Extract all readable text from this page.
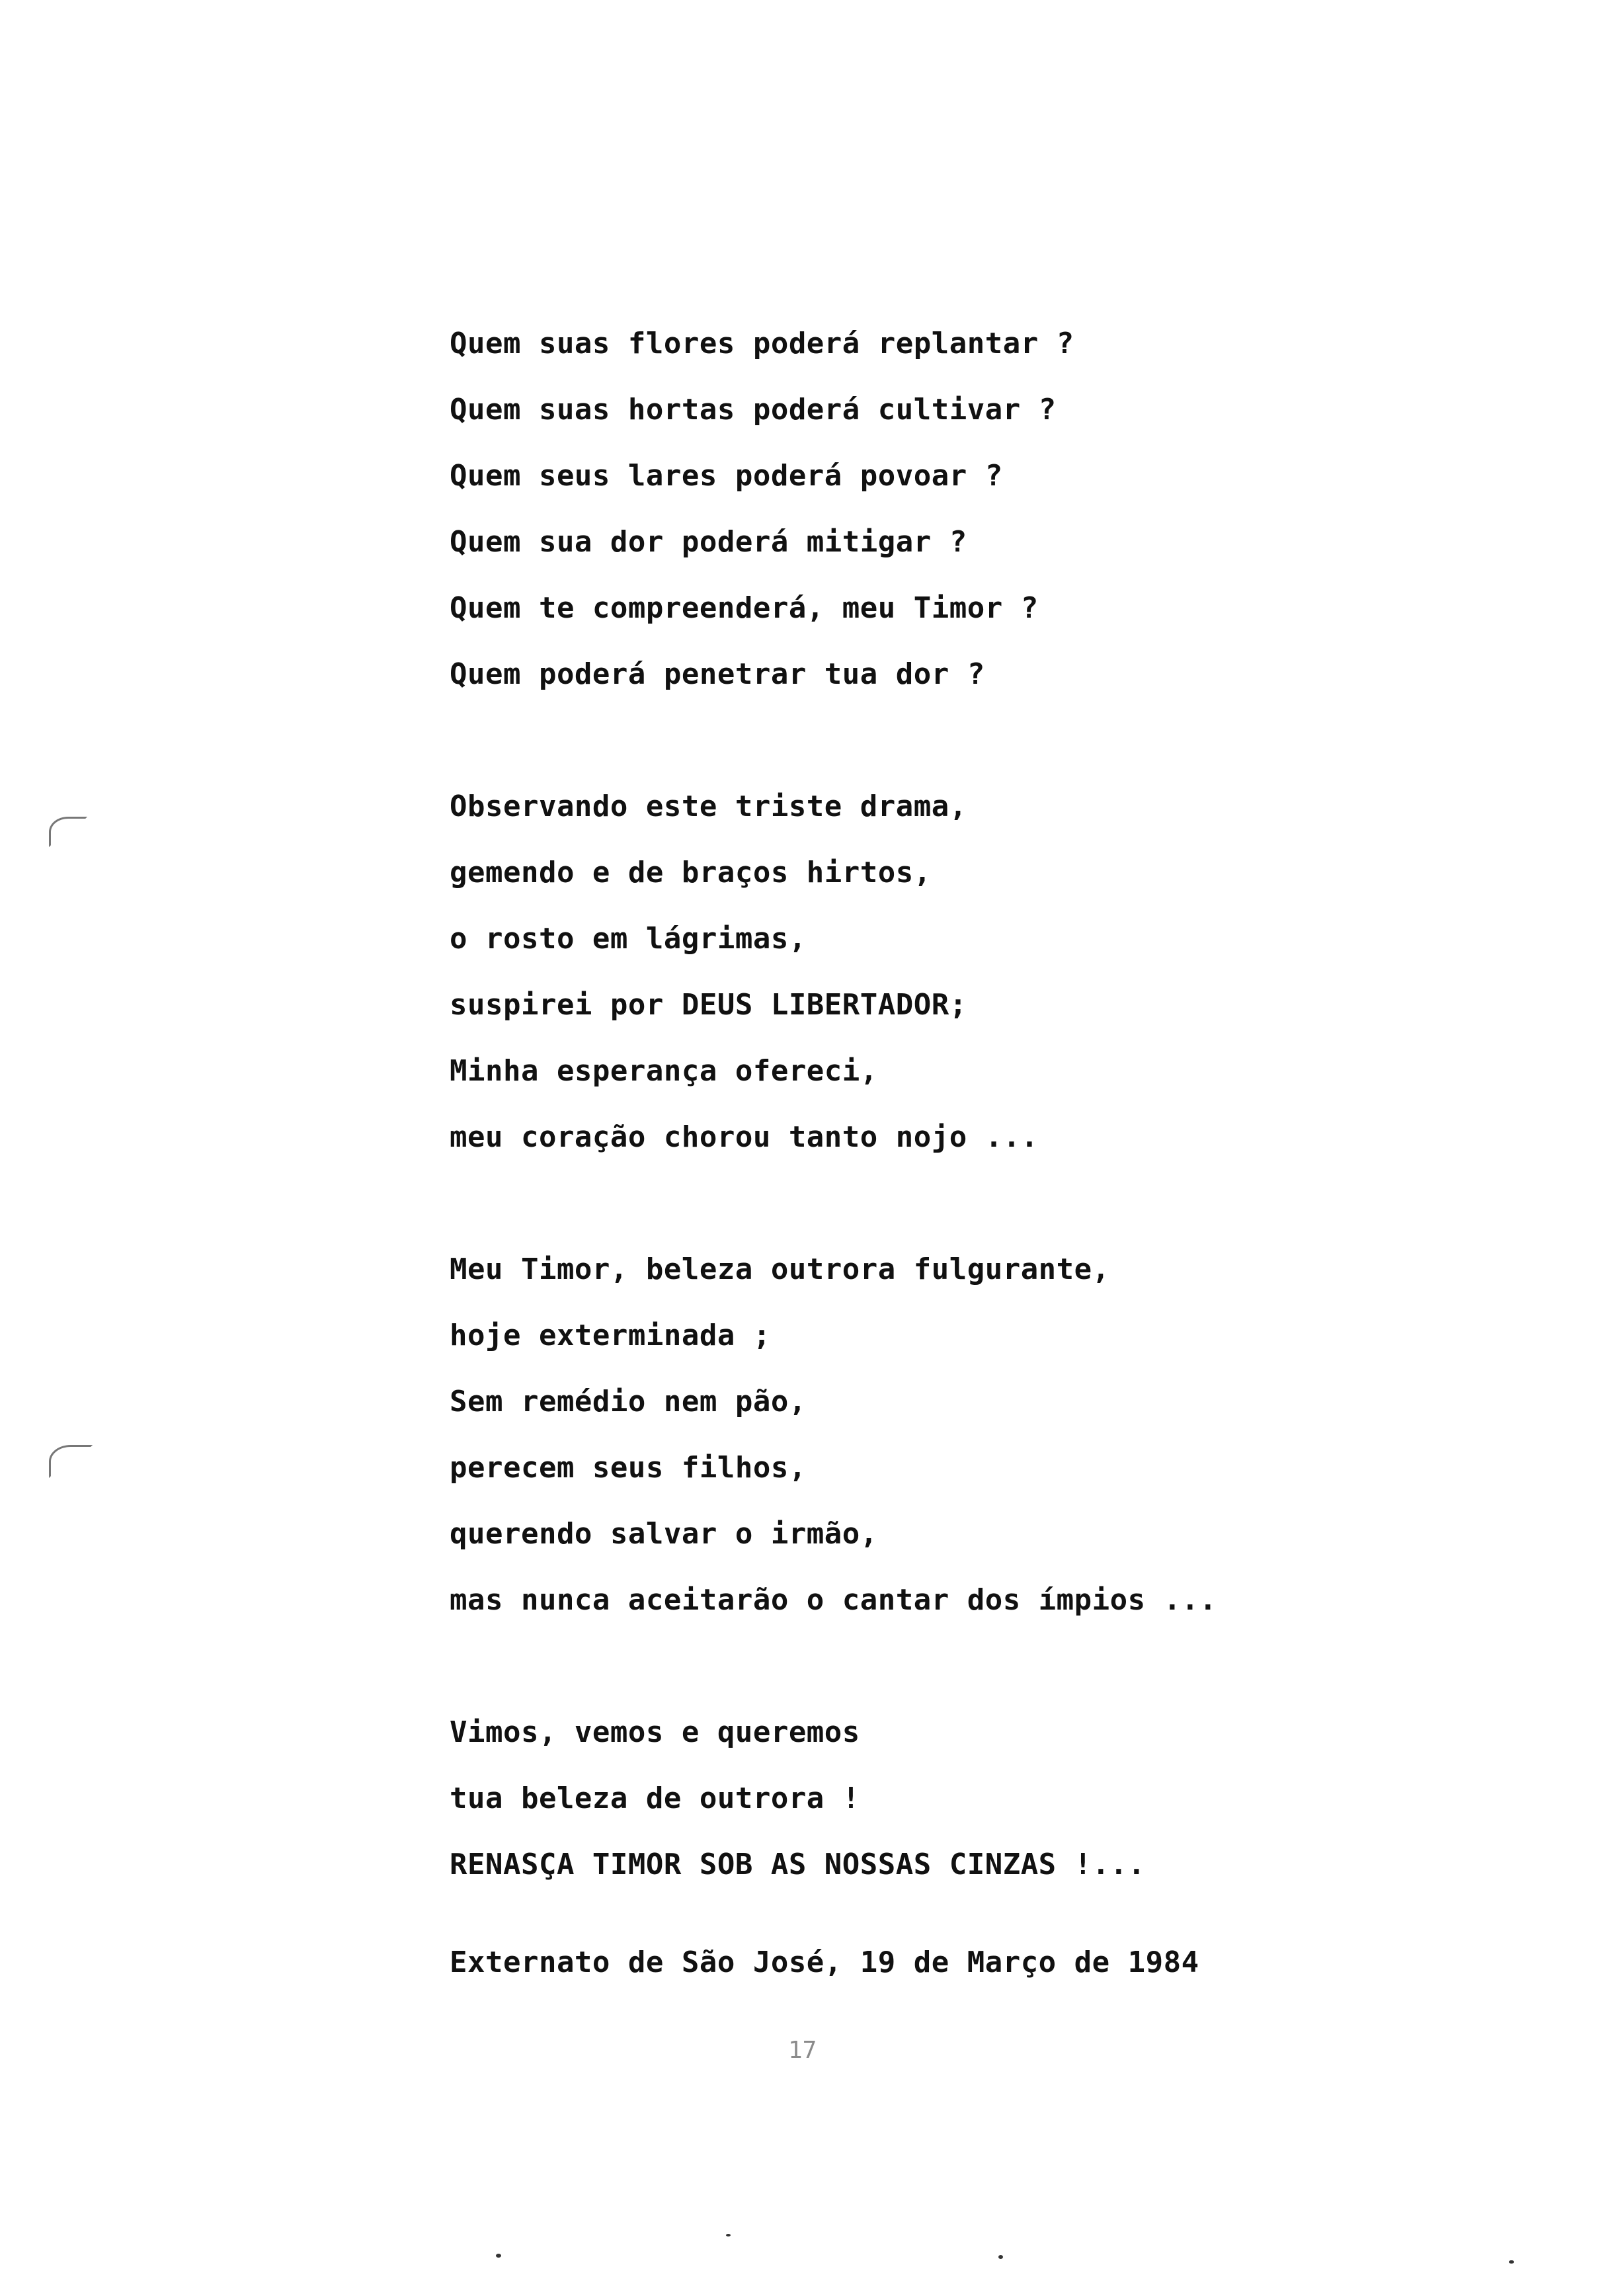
Quem suas flores poderá replantar ?
Quem suas hortas poderá cultivar ?
Quem seus lares poderá povoar ?
Quem sua dor poderá mitigar ?
Quem te compreenderá, meu Timor ?
Quem poderá penetrar tua dor ?
Observando este triste drama,
gemendo e de braços hirtos,
o rosto em lágrimas,
suspirei por DEUS LIBERTADOR;
Minha esperança ofereci,
meu coração chorou tanto nojo ...
Meu Timor, beleza outrora fulgurante,
hoje exterminada ;
Sem remédio nem pão,
perecem seus filhos,
querendo salvar o irmão,
mas nunca aceitarão o cantar dos ímpios ...
Vimos, vemos e queremos
tua beleza de outrora !
RENASÇA TIMOR SOB AS NOSSAS CINZAS !...
Externato de São José, 19 de Março de 1984
17
